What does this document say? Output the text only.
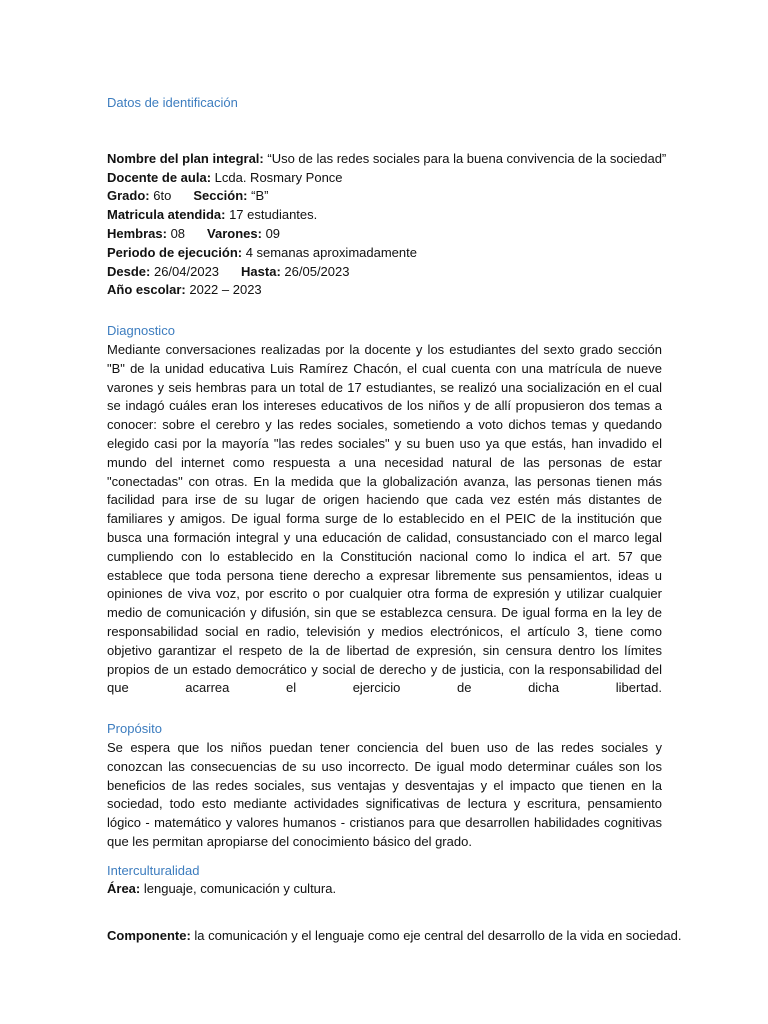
Datos de identificación

Nombre del plan integral: “Uso de las redes sociales para la buena convivencia de la sociedad”

Docente de aula: Lcda. Rosmary Ponce

Grado: 6to Sección: “B”

Matricula atendida: 17 estudiantes.

Hembras: 08 Varones: 09

Periodo de ejecución: 4 semanas aproximadamente

Desde: 26/04/2023 Hasta: 26/05/2023

Año escolar: 2022 – 2023

Diagnostico

Mediante conversaciones realizadas por la docente y los estudiantes del sexto grado sección "B" de la unidad educativa Luis Ramírez Chacón, el cual cuenta con una matrícula de nueve varones y seis hembras para un total de 17 estudiantes, se realizó una socialización en el cual se indagó cuáles eran los intereses educativos de los niños y de allí propusieron dos temas a conocer: sobre el cerebro y las redes sociales, sometiendo a voto dichos temas y quedando elegido casi por la mayoría "las redes sociales" y su buen uso ya que estás, han invadido el mundo del internet como respuesta a una necesidad natural de las personas de estar "conectadas" con otras. En la medida que la globalización avanza, las personas tienen más facilidad para irse de su lugar de origen haciendo que cada vez estén más distantes de familiares y amigos. De igual forma surge de lo establecido en el PEIC de la institución que busca una formación integral y una educación de calidad, consustanciado con el marco legal cumpliendo con lo establecido en la Constitución nacional como lo indica el art. 57 que establece que toda persona tiene derecho a expresar libremente sus pensamientos, ideas u opiniones de viva voz, por escrito o por cualquier otra forma de expresión y utilizar cualquier medio de comunicación y difusión, sin que se establezca censura. De igual forma en la ley de responsabilidad social en radio, televisión y medios electrónicos, el artículo 3, tiene como objetivo garantizar el respeto de la de libertad de expresión, sin censura dentro los límites propios de un estado democrático y social de derecho y de justicia, con la responsabilidad del que acarrea el ejercicio de dicha libertad.

Propósito

Se espera que los niños puedan tener conciencia del buen uso de las redes sociales y conozcan las consecuencias de su uso incorrecto. De igual modo determinar cuáles son los beneficios de las redes sociales, sus ventajas y desventajas y el impacto que tienen en la sociedad, todo esto mediante actividades significativas de lectura y escritura, pensamiento lógico - matemático y valores humanos - cristianos para que desarrollen habilidades cognitivas que les permitan apropiarse del conocimiento básico del grado.

Interculturalidad

Área: lenguaje, comunicación y cultura.

Componente: la comunicación y el lenguaje como eje central del desarrollo de la vida en sociedad.
